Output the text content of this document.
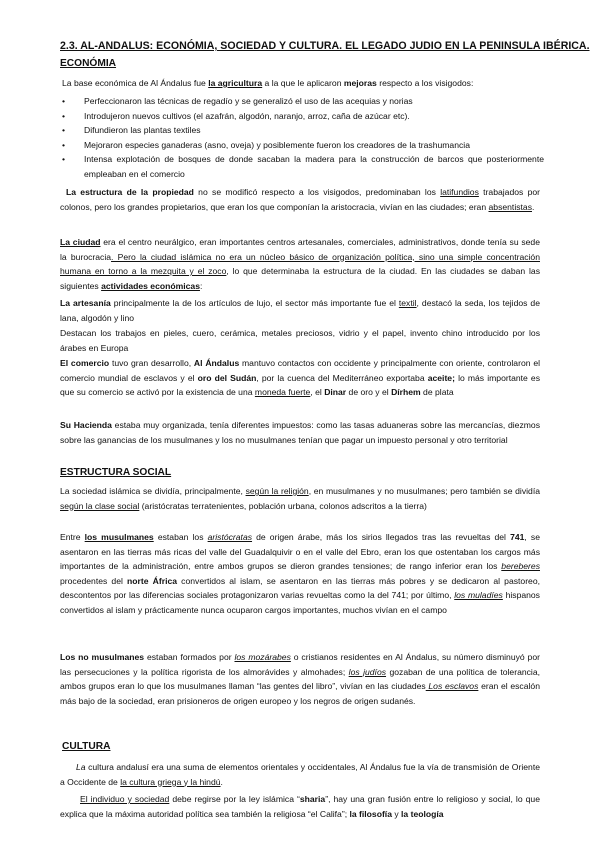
2.3. AL-ANDALUS: ECONÓMIA, SOCIEDAD Y CULTURA. EL LEGADO JUDIO EN LA PENINSULA IBÉRICA.
ECONÓMIA
La base económica de Al Ándalus fue la agricultura a la que le aplicaron mejoras respecto a los visigodos:
• Perfeccionaron las técnicas de regadío y se generalizó el uso de las acequias y norias
• Introdujeron nuevos cultivos (el azafrán, algodón, naranjo, arroz, caña de azúcar etc).
• Difundieron las plantas textiles
• Mejoraron especies ganaderas (asno, oveja) y posiblemente fueron los creadores de la trashumancia
• Intensa explotación de bosques de donde sacaban la madera para la construcción de barcos que posteriormente empleaban en el comercio
La estructura de la propiedad no se modificó respecto a los visigodos, predominaban los latifundios trabajados por colonos, pero los grandes propietarios, que eran los que componían la aristocracia, vivían en las ciudades; eran absentistas.
La ciudad era el centro neurálgico, eran importantes centros artesanales, comerciales, administrativos, donde tenía su sede la burocracia. Pero la ciudad islámica no era un núcleo básico de organización política, sino una simple concentración humana en torno a la mezquita y el zoco, lo que determinaba la estructura de la ciudad. En las ciudades se daban las siguientes actividades económicas:
La artesanía principalmente la de los artículos de lujo, el sector más importante fue el textil, destacó la seda, los tejidos de lana, algodón y lino
Destacan los trabajos en pieles, cuero, cerámica, metales preciosos, vidrio y el papel, invento chino introducido por los árabes en Europa
El comercio tuvo gran desarrollo, Al Ándalus mantuvo contactos con occidente y principalmente con oriente, controlaron el comercio mundial de esclavos y el oro del Sudán, por la cuenca del Mediterráneo exportaba aceite; lo más importante es que su comercio se activó por la existencia de una moneda fuerte, el Dinar de oro y el Dírhem de plata
Su Hacienda estaba muy organizada, tenía diferentes impuestos: como las tasas aduaneras sobre las mercancías, diezmos sobre las ganancias de los musulmanes y los no musulmanes tenían que pagar un impuesto personal y otro territorial
ESTRUCTURA SOCIAL
La sociedad islámica se dividía, principalmente, según la religión, en musulmanes y no musulmanes; pero también se dividía según la clase social (aristócratas terratenientes, población urbana, colonos adscritos a la tierra)
Entre los musulmanes estaban los aristócratas de origen árabe, más los sirios llegados tras las revueltas del 741, se asentaron en las tierras más ricas del valle del Guadalquivir o en el valle del Ebro, eran los que ostentaban los cargos más importantes de la administración, entre ambos grupos se dieron grandes tensiones; de rango inferior eran los bereberes procedentes del norte África convertidos al islam, se asentaron en las tierras más pobres y se dedicaron al pastoreo, descontentos por las diferencias sociales protagonizaron varias revueltas como la del 741; por último, los muladíes hispanos convertidos al islam y prácticamente nunca ocuparon cargos importantes, muchos vivían en el campo
Los no musulmanes estaban formados por los mozárabes o cristianos residentes en Al Ándalus, su número disminuyó por las persecuciones y la política rigorista de los almorávides y almohades; los judíos gozaban de una política de tolerancia, ambos grupos eran lo que los musulmanes llaman “las gentes del libro”, vivían en las ciudades Los esclavos eran el escalón más bajo de la sociedad, eran prisioneros de origen europeo y los negros de origen sudanés.
CULTURA
La cultura andalusí era una suma de elementos orientales y occidentales, Al Ándalus fue la vía de transmisión de Oriente a Occidente de la cultura griega y la hindú.
El individuo y sociedad debe regirse por la ley islámica “sharia”, hay una gran fusión entre lo religioso y social, lo que explica que la máxima autoridad política sea también la religiosa “el Califa”; la filosofía y la teología
